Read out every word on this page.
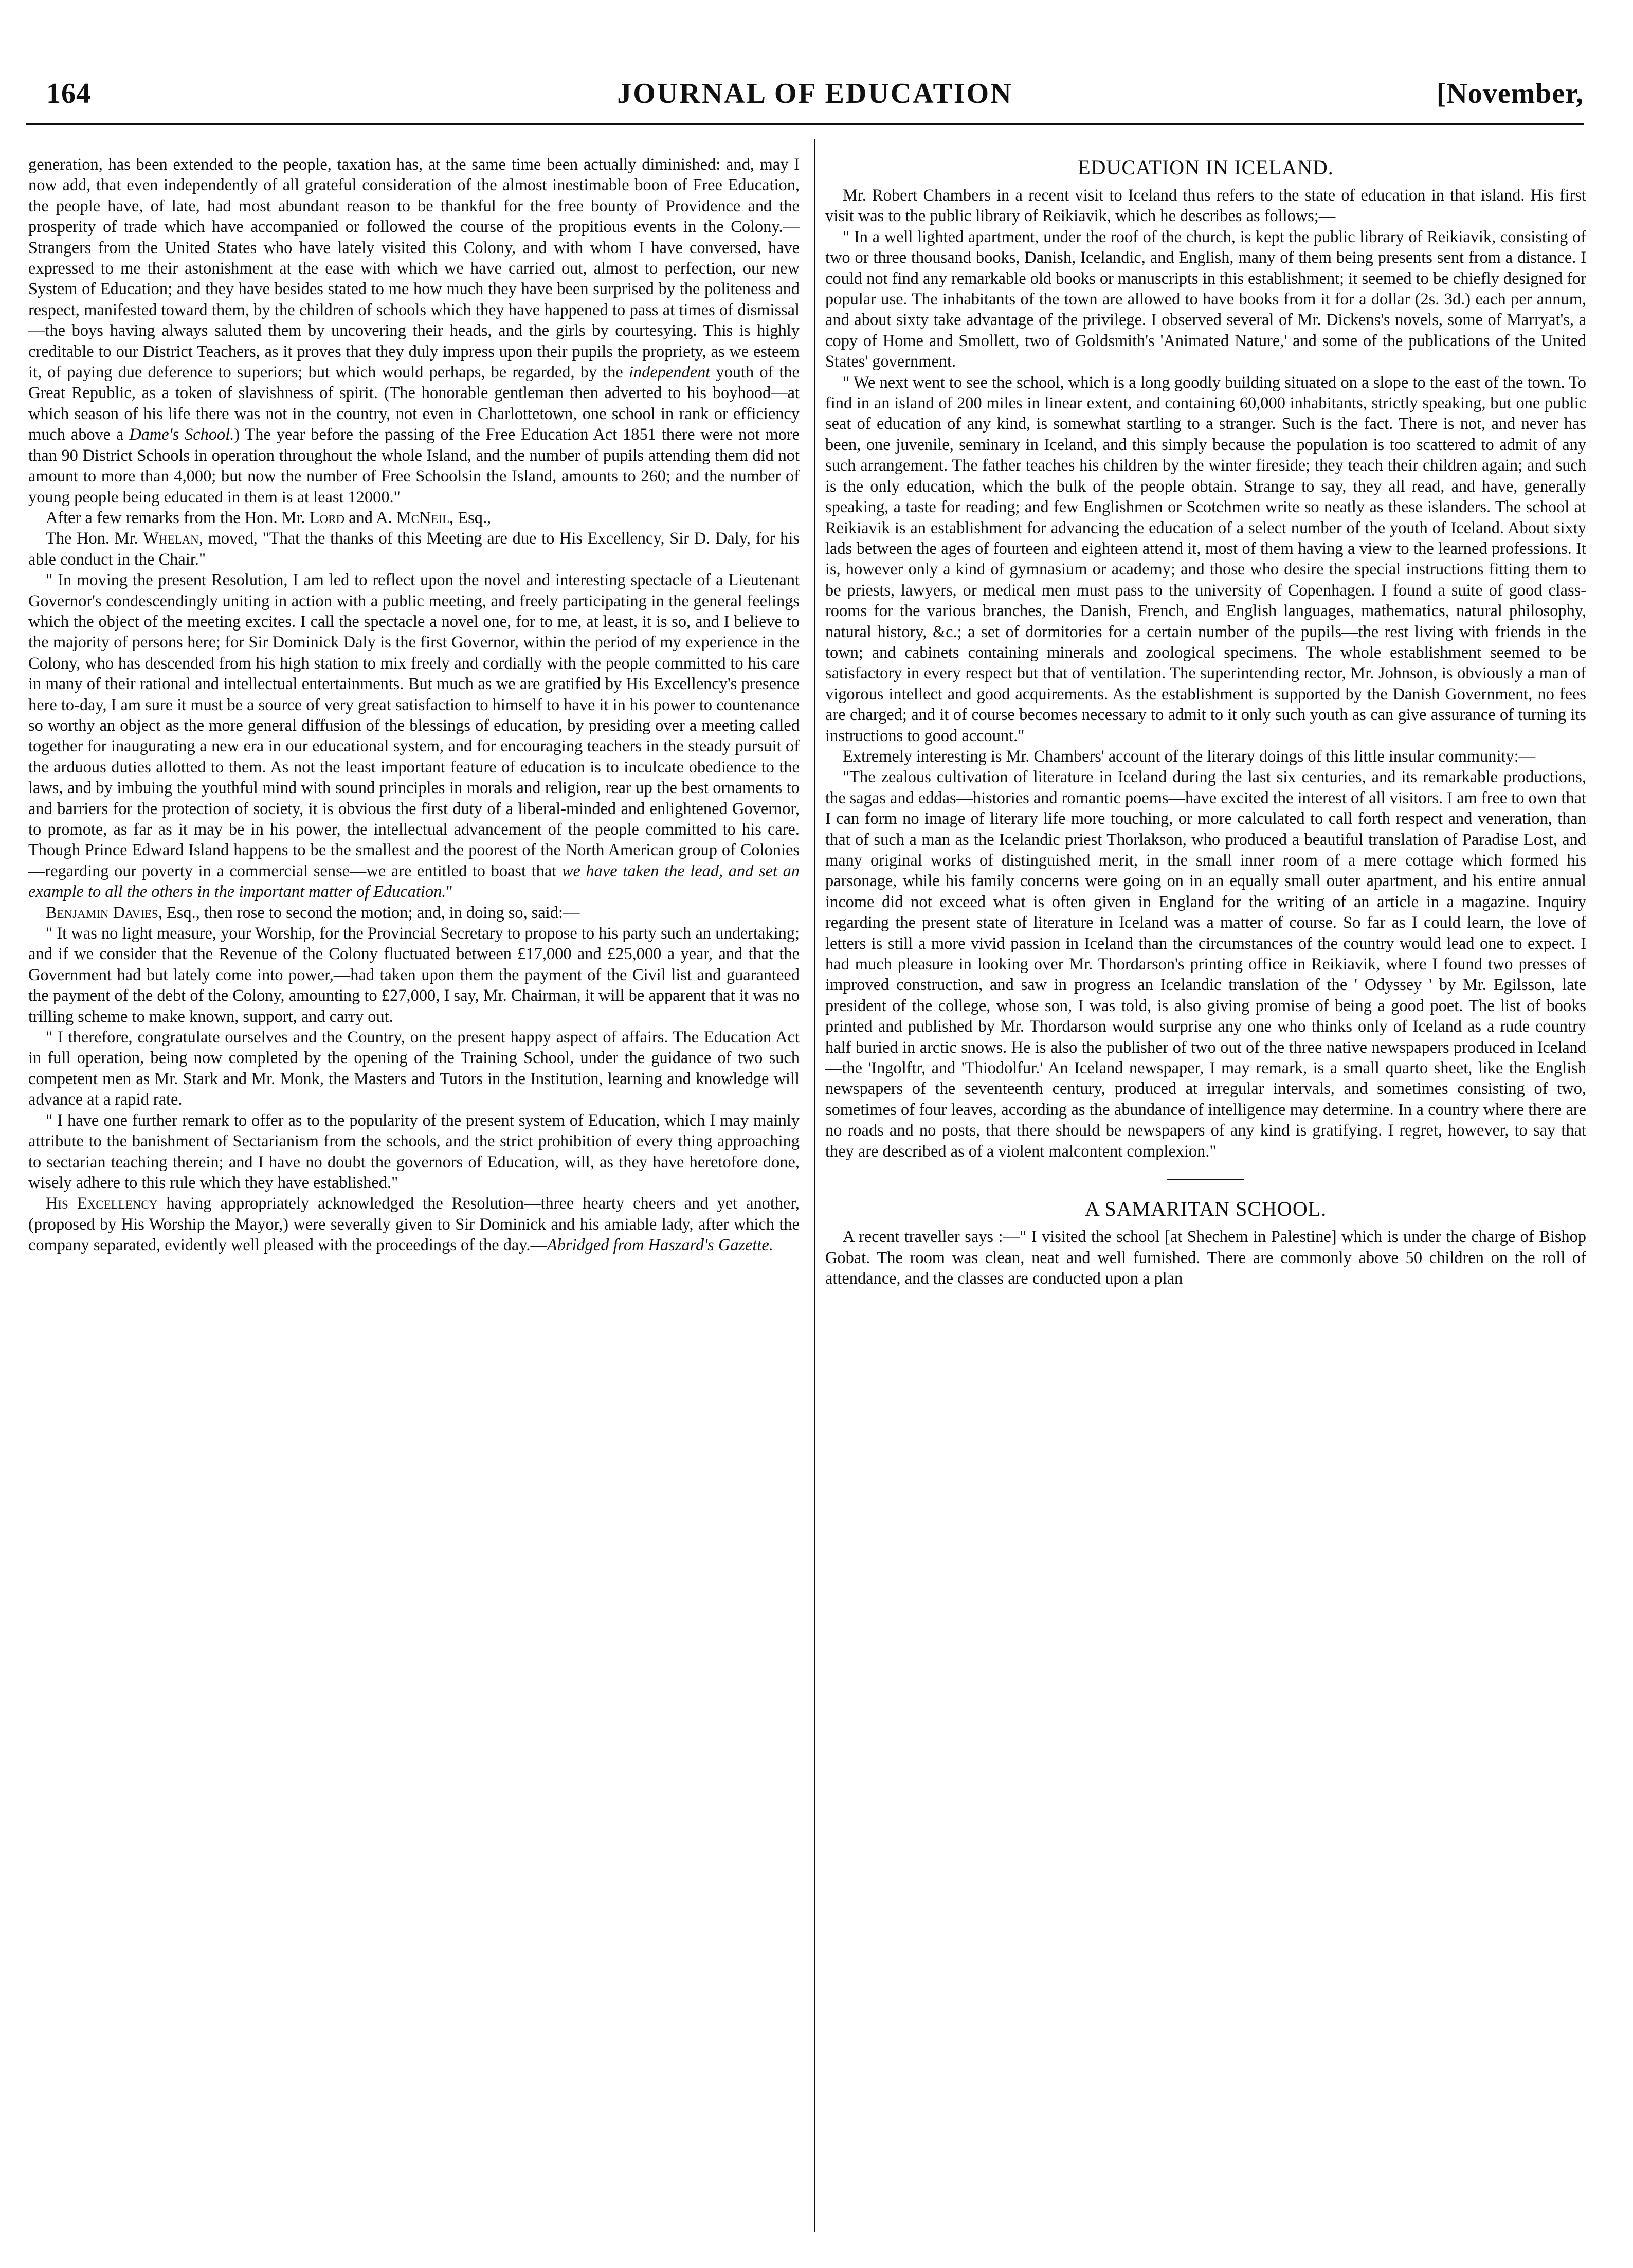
JOURNAL OF EDUCATION
164	[November,

generation, has been extended to the people, taxation has, at the same time been actually diminished: and, may I now add, that even independently of all grateful consideration of the almost inestimable boon of Free Education, the people have, of late, had most abundant reason to be thankful for the free bounty of Providence and the prosperity of trade which have accompanied or followed the course of the propitious events in the Colony.—Strangers from the United States who have lately visited this Colony, and with whom I have conversed, have expressed to me their astonishment at the ease with which we have carried out, almost to perfection, our new System of Education; and they have besides stated to me how much they have been surprised by the politeness and respect, manifested toward them, by the children of schools which they have happened to pass at times of dismissal—the boys having always saluted them by uncovering their heads, and the girls by courtesying. This is highly creditable to our District Teachers, as it proves that they duly impress upon their pupils the propriety, as we esteem it, of paying due deference to superiors; but which would perhaps, be regarded, by the independent youth of the Great Republic, as a token of slavishness of spirit. (The honorable gentleman then adverted to his boyhood—at which season of his life there was not in the country, not even in Charlottetown, one school in rank or efficiency much above a Dame's School.) The year before the passing of the Free Education Act 1851 there were not more than 90 District Schools in operation throughout the whole Island, and the number of pupils attending them did not amount to more than 4,000; but now the number of Free Schoolsin the Island, amounts to 260; and the number of young people being educated in them is at least 12000."

After a few remarks from the Hon. Mr. Lord and A. McNeil, Esq.,

The Hon. Mr. Whelan, moved, "That the thanks of this Meeting are due to His Excellency, Sir D. Daly, for his able conduct in the Chair."

" In moving the present Resolution, I am led to reflect upon the novel and interesting spectacle of a Lieutenant Governor's condescendingly uniting in action with a public meeting, and freely participating in the general feelings which the object of the meeting excites. I call the spectacle a novel one, for to me, at least, it is so, and I believe to the majority of persons here; for Sir Dominick Daly is the first Governor, within the period of my experience in the Colony, who has descended from his high station to mix freely and cordially with the people committed to his care in many of their rational and intellectual entertainments. But much as we are gratified by His Excellency's presence here to-day, I am sure it must be a source of very great satisfaction to himself to have it in his power to countenance so worthy an object as the more general diffusion of the blessings of education, by presiding over a meeting called together for inaugurating a new era in our educational system, and for encouraging teachers in the steady pursuit of the arduous duties allotted to them. As not the least important feature of education is to inculcate obedience to the laws, and by imbuing the youthful mind with sound principles in morals and religion, rear up the best ornaments to and barriers for the protection of society, it is obvious the first duty of a liberal-minded and enlightened Governor, to promote, as far as it may be in his power, the intellectual advancement of the people committed to his care. Though Prince Edward Island happens to be the smallest and the poorest of the North American group of Colonies—regarding our poverty in a commercial sense—we are entitled to boast that we have taken the lead, and set an example to all the others in the important matter of Education."

Benjamin Davies, Esq., then rose to second the motion; and, in doing so, said:—

" It was no light measure, your Worship, for the Provincial Secretary to propose to his party such an undertaking; and if we consider that the Revenue of the Colony fluctuated between £17,000 and £25,000 a year, and that the Government had but lately come into power,—had taken upon them the payment of the Civil list and guaranteed the payment of the debt of the Colony, amounting to £27,000, I say, Mr. Chairman, it will be apparent that it was no trilling scheme to make known, support, and carry out.

" I therefore, congratulate ourselves and the Country, on the present happy aspect of affairs. The Education Act in full operation, being now completed by the opening of the Training School, under the guidance of two such competent men as Mr. Stark and Mr. Monk, the Masters and Tutors in the Institution, learning and knowledge will advance at a rapid rate.

" I have one further remark to offer as to the popularity of the present system of Education, which I may mainly attribute to the banishment of Sectarianism from the schools, and the strict prohibition of every thing approaching to sectarian teaching therein; and I have no doubt the governors of Education, will, as they have heretofore done, wisely adhere to this rule which they have established."

His Excellency having appropriately acknowledged the Resolution—three hearty cheers and yet another, (proposed by His Worship the Mayor,) were severally given to Sir Dominick and his amiable lady, after which the company separated, evidently well pleased with the proceedings of the day.—Abridged from Haszard's Gazette.

EDUCATION IN ICELAND.

Mr. Robert Chambers in a recent visit to Iceland thus refers to the state of education in that island. His first visit was to the public library of Reikiavik, which he describes as follows;—

" In a well lighted apartment, under the roof of the church, is kept the public library of Reikiavik, consisting of two or three thousand books, Danish, Icelandic, and English, many of them being presents sent from a distance. I could not find any remarkable old books or manuscripts in this establishment; it seemed to be chiefly designed for popular use. The inhabitants of the town are allowed to have books from it for a dollar (2s. 3d.) each per annum, and about sixty take advantage of the privilege. I observed several of Mr. Dickens's novels, some of Marryat's, a copy of Home and Smollett, two of Goldsmith's 'Animated Nature,' and some of the publications of the United States' government.

" We next went to see the school, which is a long goodly building situated on a slope to the east of the town. To find in an island of 200 miles in linear extent, and containing 60,000 inhabitants, strictly speaking, but one public seat of education of any kind, is somewhat startling to a stranger. Such is the fact. There is not, and never has been, one juvenile, seminary in Iceland, and this simply because the population is too scattered to admit of any such arrangement. The father teaches his children by the winter fireside; they teach their children again; and such is the only education, which the bulk of the people obtain. Strange to say, they all read, and have, generally speaking, a taste for reading; and few Englishmen or Scotchmen write so neatly as these islanders. The school at Reikiavik is an establishment for advancing the education of a select number of the youth of Iceland. About sixty lads between the ages of fourteen and eighteen attend it, most of them having a view to the learned professions. It is, however only a kind of gymnasium or academy; and those who desire the special instructions fitting them to be priests, lawyers, or medical men must pass to the university of Copenhagen. I found a suite of good class-rooms for the various branches, the Danish, French, and English languages, mathematics, natural philosophy, natural history, &c.; a set of dormitories for a certain number of the pupils—the rest living with friends in the town; and cabinets containing minerals and zoological specimens. The whole establishment seemed to be satisfactory in every respect but that of ventilation. The superintending rector, Mr. Johnson, is obviously a man of vigorous intellect and good acquirements. As the establishment is supported by the Danish Government, no fees are charged; and it of course becomes necessary to admit to it only such youth as can give assurance of turning its instructions to good account."

Extremely interesting is Mr. Chambers' account of the literary doings of this little insular community:—

"The zealous cultivation of literature in Iceland during the last six centuries, and its remarkable productions, the sagas and eddas—histories and romantic poems—have excited the interest of all visitors. I am free to own that I can form no image of literary life more touching, or more calculated to call forth respect and veneration, than that of such a man as the Icelandic priest Thorlakson, who produced a beautiful translation of Paradise Lost, and many original works of distinguished merit, in the small inner room of a mere cottage which formed his parsonage, while his family concerns were going on in an equally small outer apartment, and his entire annual income did not exceed what is often given in England for the writing of an article in a magazine. Inquiry regarding the present state of literature in Iceland was a matter of course. So far as I could learn, the love of letters is still a more vivid passion in Iceland than the circumstances of the country would lead one to expect. I had much pleasure in looking over Mr. Thordarson's printing office in Reikiavik, where I found two presses of improved construction, and saw in progress an Icelandic translation of the ' Odyssey ' by Mr. Egilsson, late president of the college, whose son, I was told, is also giving promise of being a good poet. The list of books printed and published by Mr. Thordarson would surprise any one who thinks only of Iceland as a rude country half buried in arctic snows. He is also the publisher of two out of the three native newspapers produced in Iceland—the 'Ingolftr, and 'Thiodolfur.' An Iceland newspaper, I may remark, is a small quarto sheet, like the English newspapers of the seventeenth century, produced at irregular intervals, and sometimes consisting of two, sometimes of four leaves, according as the abundance of intelligence may determine. In a country where there are no roads and no posts, that there should be newspapers of any kind is gratifying. I regret, however, to say that they are described as of a violent malcontent complexion."

A SAMARITAN SCHOOL.

A recent traveller says :—" I visited the school [at Shechem in Palestine] which is under the charge of Bishop Gobat. The room was clean, neat and well furnished. There are commonly above 50 children on the roll of attendance, and the classes are conducted upon a plan
